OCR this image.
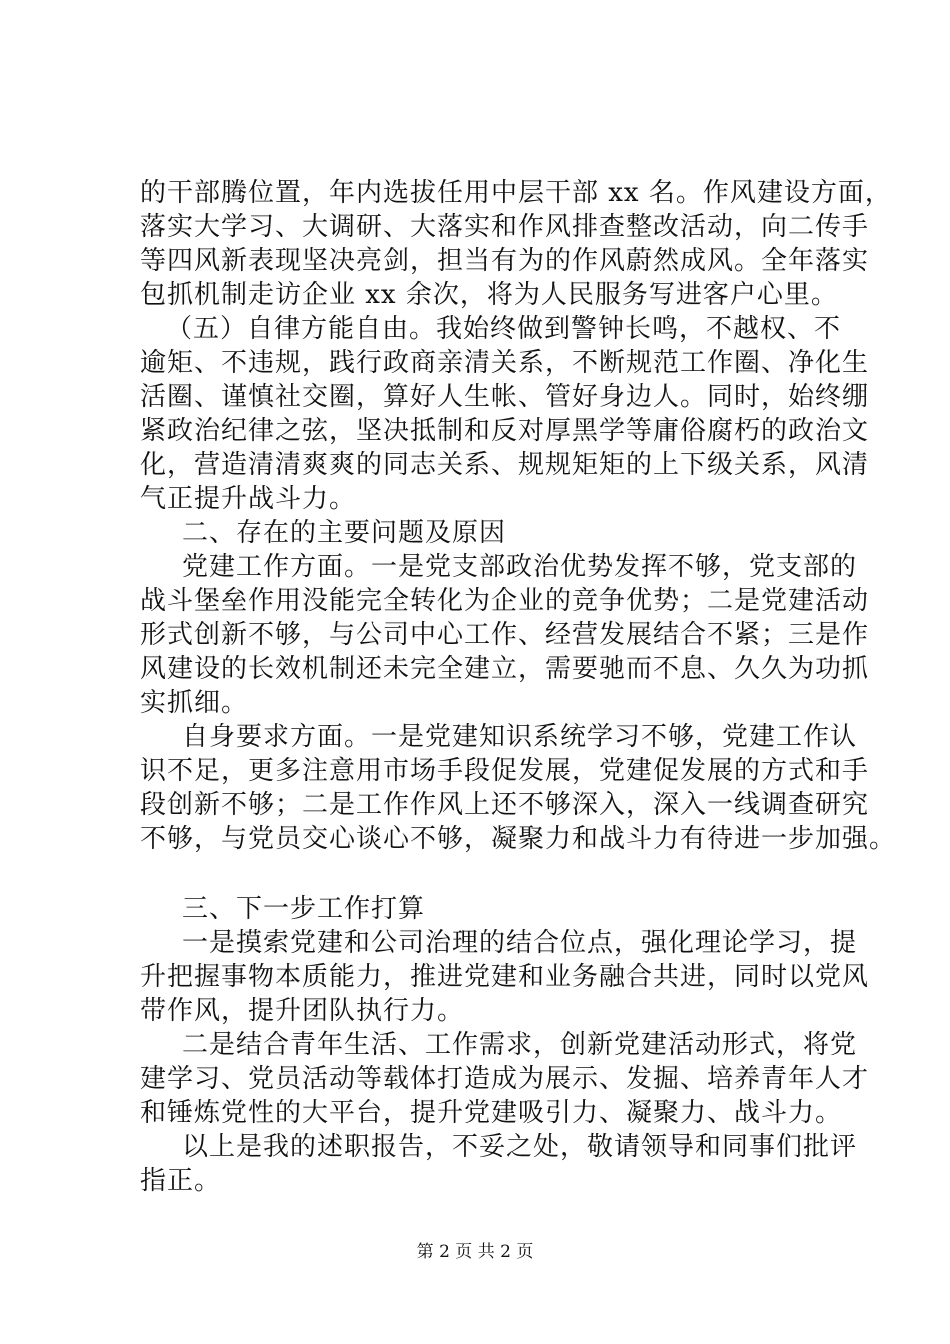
的干部腾位置，年内选拔任用中层干部 xx 名。作风建设方面，
落实大学习、大调研、大落实和作风排查整改活动，向二传手
等四风新表现坚决亮剑，担当有为的作风蔚然成风。全年落实
包抓机制走访企业 xx 余次，将为人民服务写进客户心里。
（五）自律方能自由。我始终做到警钟长鸣，不越权、不
逾矩、不违规，践行政商亲清关系，不断规范工作圈、净化生
活圈、谨慎社交圈，算好人生帐、管好身边人。同时，始终绷
紧政治纪律之弦，坚决抵制和反对厚黑学等庸俗腐朽的政治文
化，营造清清爽爽的同志关系、规规矩矩的上下级关系，风清
气正提升战斗力。
二、存在的主要问题及原因
党建工作方面。一是党支部政治优势发挥不够，党支部的
战斗堡垒作用没能完全转化为企业的竞争优势；二是党建活动
形式创新不够，与公司中心工作、经营发展结合不紧；三是作
风建设的长效机制还未完全建立，需要驰而不息、久久为功抓
实抓细。
自身要求方面。一是党建知识系统学习不够，党建工作认
识不足，更多注意用市场手段促发展，党建促发展的方式和手
段创新不够；二是工作作风上还不够深入，深入一线调查研究
不够，与党员交心谈心不够，凝聚力和战斗力有待进一步加强。
三、下一步工作打算
一是摸索党建和公司治理的结合位点，强化理论学习，提
升把握事物本质能力，推进党建和业务融合共进，同时以党风
带作风，提升团队执行力。
二是结合青年生活、工作需求，创新党建活动形式，将党
建学习、党员活动等载体打造成为展示、发掘、培养青年人才
和锤炼党性的大平台，提升党建吸引力、凝聚力、战斗力。
以上是我的述职报告，不妥之处，敬请领导和同事们批评
指正。
第 2 页 共 2 页
